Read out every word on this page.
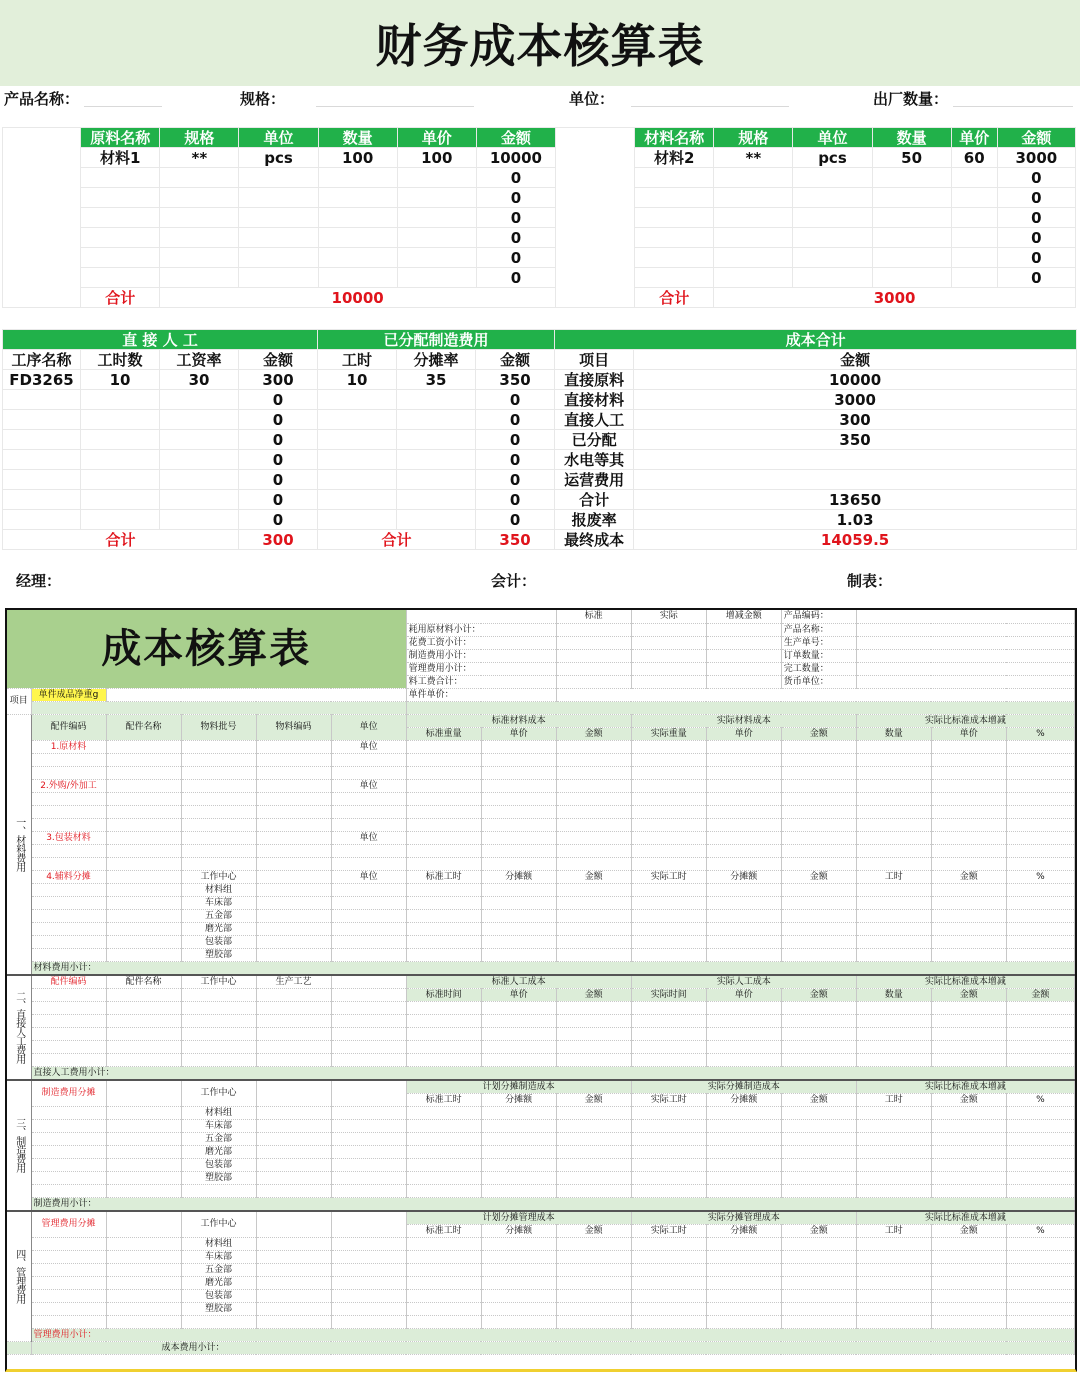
财务成本核算表
产品名称：	规格：	单位：	出厂数量：
直接原料	原料名称	规格	单位	数量	单价	金额	耗用材料	材料名称	规格	单位	数量	单价	金额
	材料1	**	pcs	100	100	10000		材料2	**	pcs	50	60	3000
						0							0
						0							0
						0							0
						0							0
						0							0
						0							0
	合计	10000						合计	3000				
直 接 人 工				已分配制造费用			成本合计	
工序名称	工时数	工资率	金额	工时	分摊率	金额	项目	金额
FD3265	10	30	300	10	35	350	直接原料	10000
			0			0	直接材料	3000
			0			0	直接人工	300
			0			0	已分配	350
			0			0	水电等其	
			0			0	运营费用	
			0			0	合计	13650
			0			0	报废率	1.03
合计			300	合计		350	最终成本	14059.5
经理：	会计：	制表：
成本核算表								标准	实际	增减金额	产品编码：			
						耗用原材料小计：					产品名称：			
						花费工资小计：					生产单号：			
						制造费用小计：					订单数量：			
						管理费用小计：					完工数量：			
						料工费合计：					货币单位：			
项目	单件成品净重g					单件单价：								

一、材料费用	配件编码	配件名称	物料批号	物料编码	单位	标准材料成本			实际材料成本			实际比标准成本增减		
						标准重量	单价	金额	实际重量	单价	金额	数量	单价	%
	1.原材料				单位									

	2.外购/外加工				单位									

	3.包装材料				单位									

	4.辅料分摊		工作中心		单位	标准工时	分摊额	金额	实际工时	分摊额	金额	工时	金额	%
			材料组											
			车床部											
			五金部											
			磨光部											
			包装部											
			塑胶部											
	材料费用小计：													
二、直接人工费用	配件编码	配件名称	工作中心	生产工艺		标准人工成本			实际人工成本			实际比标准成本增减		
						标准时间	单价	金额	实际时间	单价	金额	数量	金额	金额

	直接人工费用小计：													
三、制造费用	制造费用分摊		工作中心			计划分摊制造成本			实际分摊制造成本			实际比标准成本增减		
						标准工时	分摊额	金额	实际工时	分摊额	金额	工时	金额	%
			材料组											
			车床部											
			五金部											
			磨光部											
			包装部											
			塑胶部											

	制造费用小计：													
四、管理费用	管理费用分摊		工作中心			计划分摊管理成本			实际分摊管理成本			实际比标准成本增减		
						标准工时	分摊额	金额	实际工时	分摊额	金额	工时	金额	%
			材料组											
			车床部											
			五金部											
			磨光部											
			包装部											
			塑胶部											

	管理费用小计：													
	成本费用小计：													
